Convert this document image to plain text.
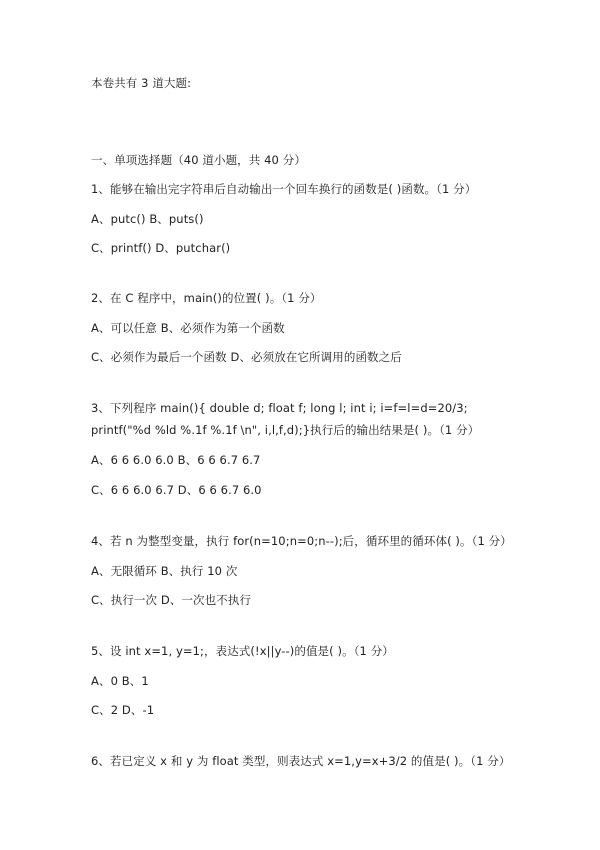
本卷共有 3 道大题:
一、单项选择题（40 道小题，共 40 分）
1、能够在输出完字符串后自动输出一个回车换行的函数是( )函数。（1 分）
A、putc() B、puts()
C、printf() D、putchar()
2、在 C 程序中，main()的位置( )。（1 分）
A、可以任意 B、必须作为第一个函数
C、必须作为最后一个函数 D、必须放在它所调用的函数之后
3、下列程序 main(){ double d; float f; long l; int i; i=f=l=d=20/3;
printf("%d %ld %.1f %.1f \n", i,l,f,d);}执行后的输出结果是( )。（1 分）
A、6 6 6.0 6.0 B、6 6 6.7 6.7
C、6 6 6.0 6.7 D、6 6 6.7 6.0
4、若 n 为整型变量，执行 for(n=10;n=0;n--);后，循环里的循环体( )。（1 分）
A、无限循环 B、执行 10 次
C、执行一次 D、一次也不执行
5、设 int x=1, y=1;，表达式(!x||y--)的值是( )。（1 分）
A、0 B、1
C、2 D、-1
6、若已定义 x 和 y 为 float 类型，则表达式 x=1,y=x+3/2 的值是( )。（1 分）
